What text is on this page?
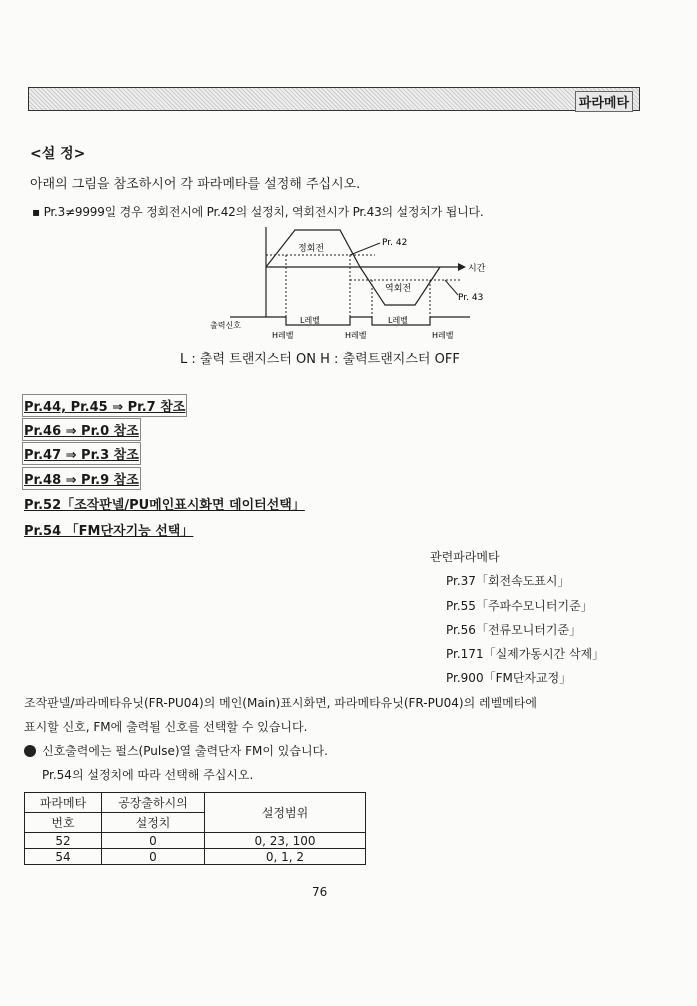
파라메타
<설 정>
아래의 그림을 참조하시어 각 파라메타를 설정해 주십시오.
▪ Pr.3≠9999일 경우 정회전시에 Pr.42의 설정치, 역회전시가 Pr.43의 설정치가 됩니다.
정회전
역회전
Pr. 42
Pr. 43
시간
출력신호
L레벨	L레벨
H레벨	H레벨	H레벨
L : 출력 트랜지스터 ON H : 출력트랜지스터 OFF
Pr.44, Pr.45 ⇒ Pr.7 참조
Pr.46 ⇒ Pr.0 참조
Pr.47 ⇒ Pr.3 참조
Pr.48 ⇒ Pr.9 참조
Pr.52「조작판넬/PU메인표시화면 데이터선택」
Pr.54 「FM단자기능 선택」
관련파라메타
Pr.37「회전속도표시」
Pr.55「주파수모니터기준」
Pr.56「전류모니터기준」
Pr.171「실제가동시간 삭제」
Pr.900「FM단자교정」
조작판넬/파라메타유닛(FR-PU04)의 메인(Main)표시화면, 파라메타유닛(FR-PU04)의 레벨메타에
표시할 신호, FM에 출력될 신호를 선택할 수 있습니다.
신호출력에는 펄스(Pulse)열 출력단자 FM이 있습니다.
Pr.54의 설정치에 따라 선택해 주십시오.
파라메타	공장출하시의	설정범위
번호	설정치	
52	0	0, 23, 100
54	0	0, 1, 2
76
